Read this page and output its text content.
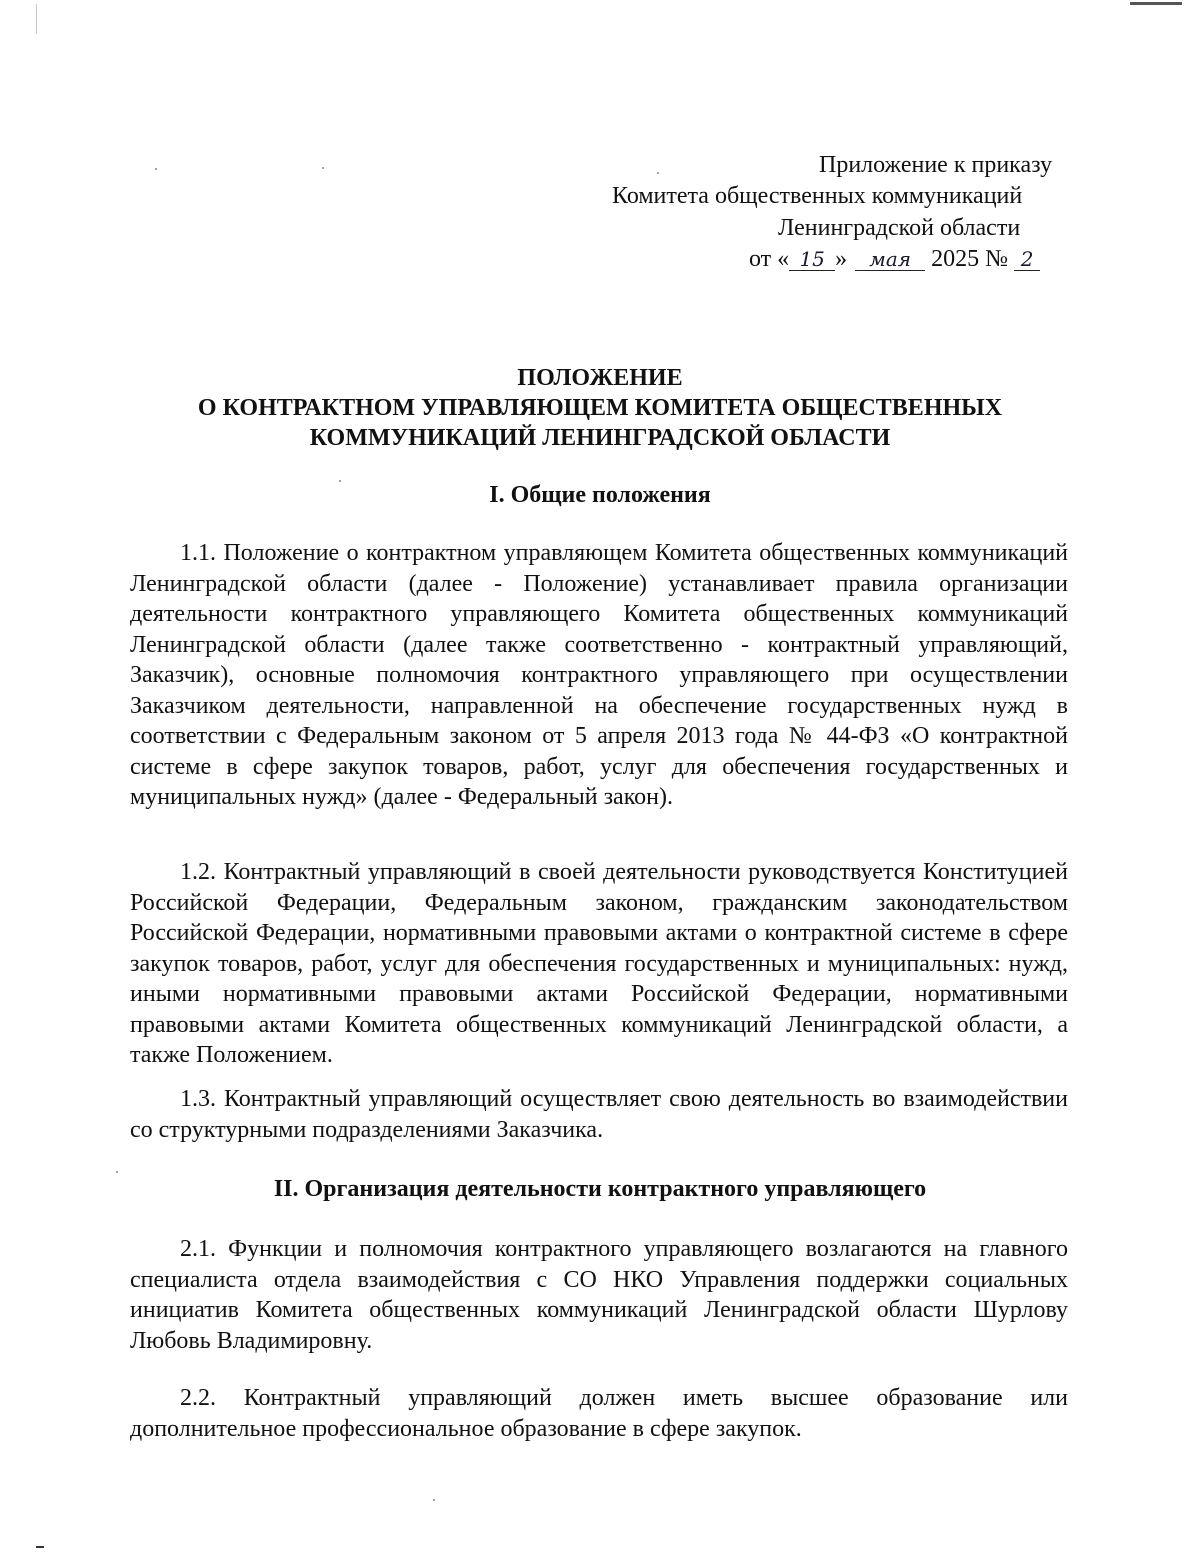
Приложение к приказу
Комитета общественных коммуникаций
Ленинградской области
от « 15 » мая 2025 № 2
ПОЛОЖЕНИЕ
О КОНТРАКТНОМ УПРАВЛЯЮЩЕМ КОМИТЕТА ОБЩЕСТВЕННЫХ
КОММУНИКАЦИЙ ЛЕНИНГРАДСКОЙ ОБЛАСТИ
I. Общие положения
1.1. Положение о контрактном управляющем Комитета общественных коммуникаций Ленинградской области (далее - Положение) устанавливает правила организации деятельности контрактного управляющего Комитета общественных коммуникаций Ленинградской области (далее также соответственно - контрактный управляющий, Заказчик), основные полномочия контрактного управляющего при осуществлении Заказчиком деятельности, направленной на обеспечение государственных нужд в соответствии с Федеральным законом от 5 апреля 2013 года № 44-ФЗ «О контрактной системе в сфере закупок товаров, работ, услуг для обеспечения государственных и муниципальных нужд» (далее - Федеральный закон).
1.2. Контрактный управляющий в своей деятельности руководствуется Конституцией Российской Федерации, Федеральным законом, гражданским законодательством Российской Федерации, нормативными правовыми актами о контрактной системе в сфере закупок товаров, работ, услуг для обеспечения государственных и муниципальных: нужд, иными нормативными правовыми актами Российской Федерации, нормативными правовыми актами Комитета общественных коммуникаций Ленинградской области, а также Положением.
1.3. Контрактный управляющий осуществляет свою деятельность во взаимодействии со структурными подразделениями Заказчика.
II. Организация деятельности контрактного управляющего
2.1. Функции и полномочия контрактного управляющего возлагаются на главного специалиста отдела взаимодействия с СО НКО Управления поддержки социальных инициатив Комитета общественных коммуникаций Ленинградской области Шурлову Любовь Владимировну.
2.2. Контрактный управляющий должен иметь высшее образование или дополнительное профессиональное образование в сфере закупок.
